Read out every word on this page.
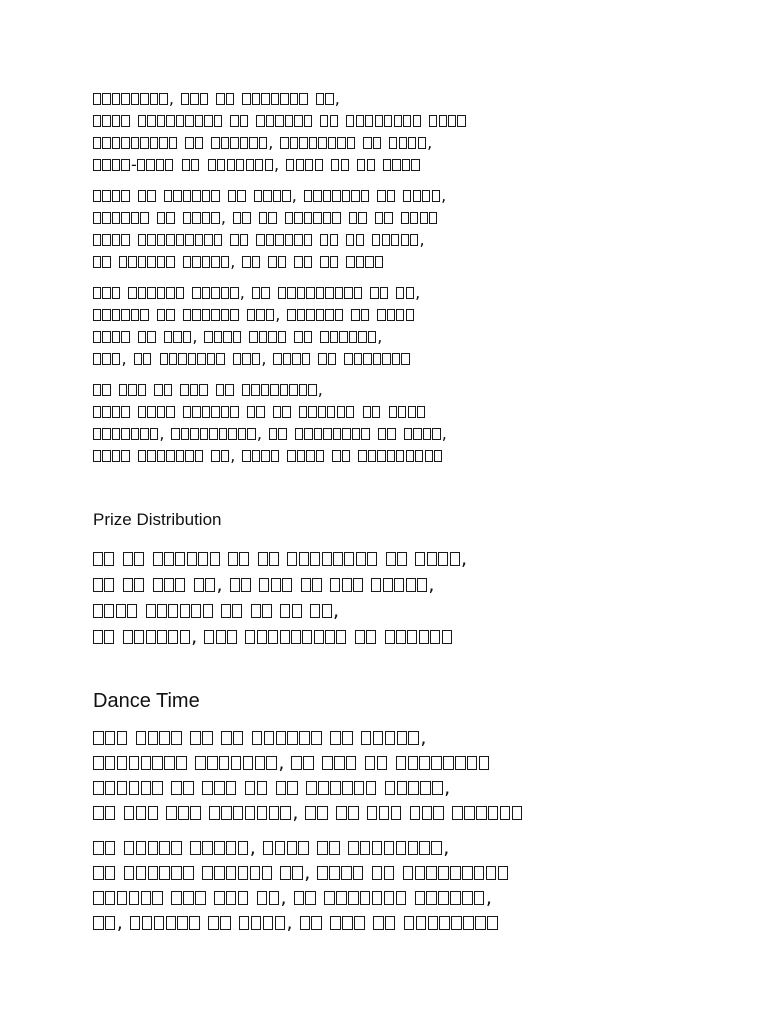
,	,
,	,
-	,
,	,
,
,
,
,	,
,
,	,
,	,
,
,	,	,
,
Prize Distribution
,
,	,
,
,
Dance Time
,
,
,
,
,	,
,
,	,
,	,
